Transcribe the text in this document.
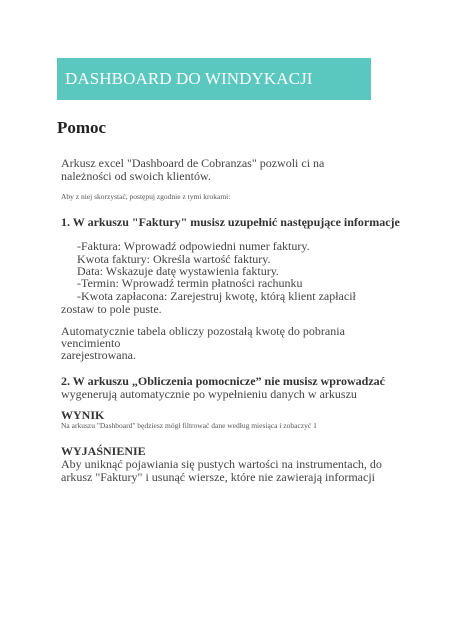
DASHBOARD DO WINDYKACJI
Pomoc
Arkusz excel "Dashboard de Cobranzas" pozwoli ci na
należności od swoich klientów.
Aby z niej skorzystać, postępuj zgodnie z tymi krokami:
1. W arkuszu "Faktury" musisz uzupełnić następujące informacje
-Faktura: Wprowadź odpowiedni numer faktury.
Kwota faktury: Określa wartość faktury.
Data: Wskazuje datę wystawienia faktury.
-Termin: Wprowadź termin płatności rachunku
-Kwota zapłacona: Zarejestruj kwotę, którą klient zapłacił
zostaw to pole puste.
Automatycznie tabela obliczy pozostałą kwotę do pobrania
vencimiento
zarejestrowana.
2. W arkuszu „Obliczenia pomocnicze” nie musisz wprowadzać
wygenerują automatycznie po wypełnieniu danych w arkuszu
WYNIK
Na arkuszu "Dashboard" będziesz mógł filtrować dane według miesiąca i zobaczyć 1
WYJAŚNIENIE
Aby uniknąć pojawiania się pustych wartości na instrumentach, do
arkusz "Faktury" i usunąć wiersze, które nie zawierają informacji
